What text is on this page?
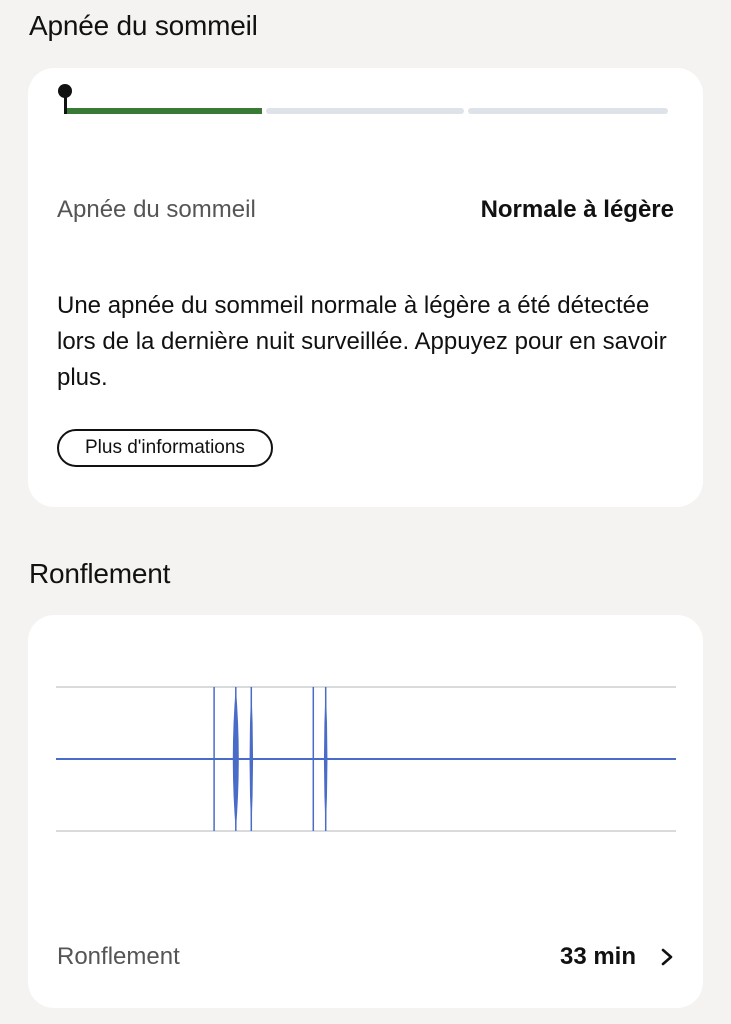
Apnée du sommeil
Apnée du sommeil	Normale à légère

Une apnée du sommeil normale à légère a été détectée lors de la dernière nuit surveillée. Appuyez pour en savoir plus.

Plus d'informations
Ronflement
Ronflement	33 min
